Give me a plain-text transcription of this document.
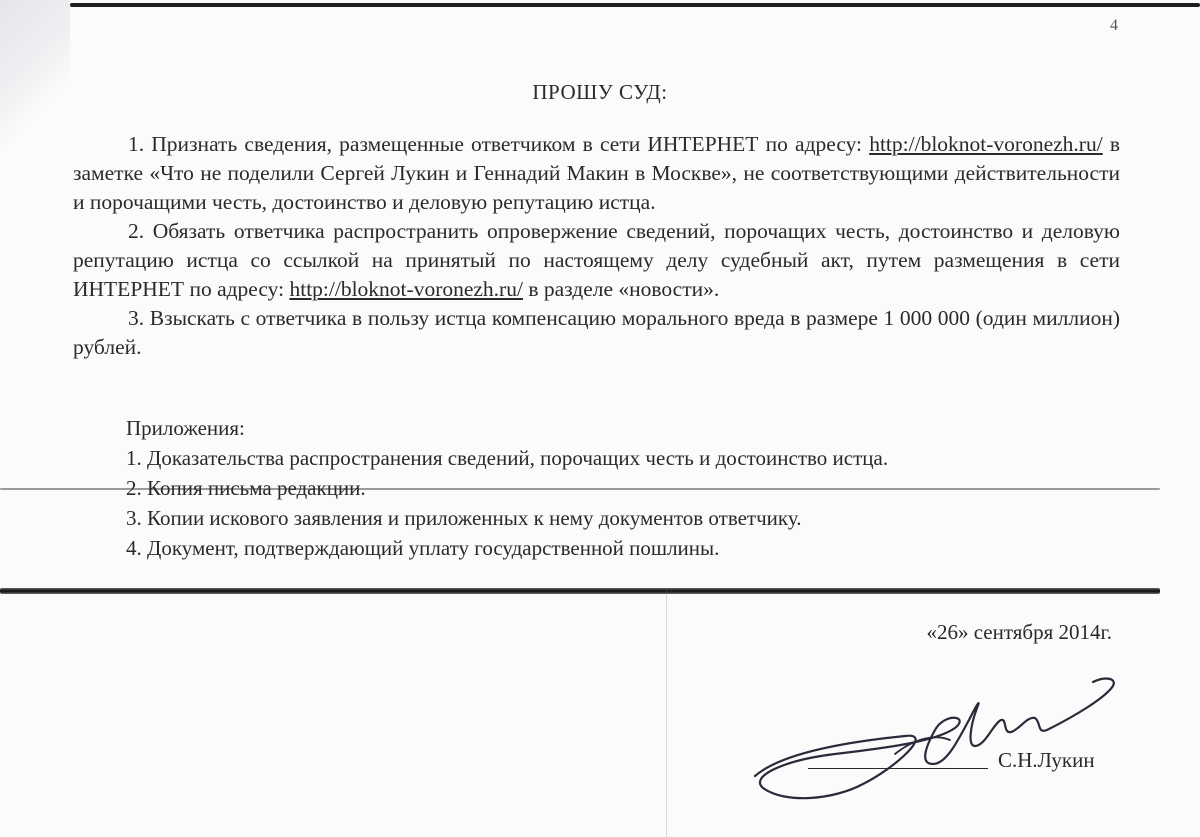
4
ПРОШУ СУД:

1. Признать сведения, размещенные ответчиком в сети ИНТЕРНЕТ по адресу: http://bloknot-voronezh.ru/ в заметке «Что не поделили Сергей Лукин и Геннадий Макин в Москве», не соответствующими действительности и порочащими честь, достоинство и деловую репутацию истца.

2. Обязать ответчика распространить опровержение сведений, порочащих честь, достоинство и деловую репутацию истца со ссылкой на принятый по настоящему делу судебный акт, путем размещения в сети ИНТЕРНЕТ по адресу: http://bloknot-voronezh.ru/ в разделе «новости».

3. Взыскать с ответчика в пользу истца компенсацию морального вреда в размере 1 000 000 (один миллион) рублей.

Приложения:
1. Доказательства распространения сведений, порочащих честь и достоинство истца.
2. Копия письма редакции.
3. Копии искового заявления и приложенных к нему документов ответчику.
4. Документ, подтверждающий уплату государственной пошлины.
«26» сентября 2014г.
С.Н.Лукин
